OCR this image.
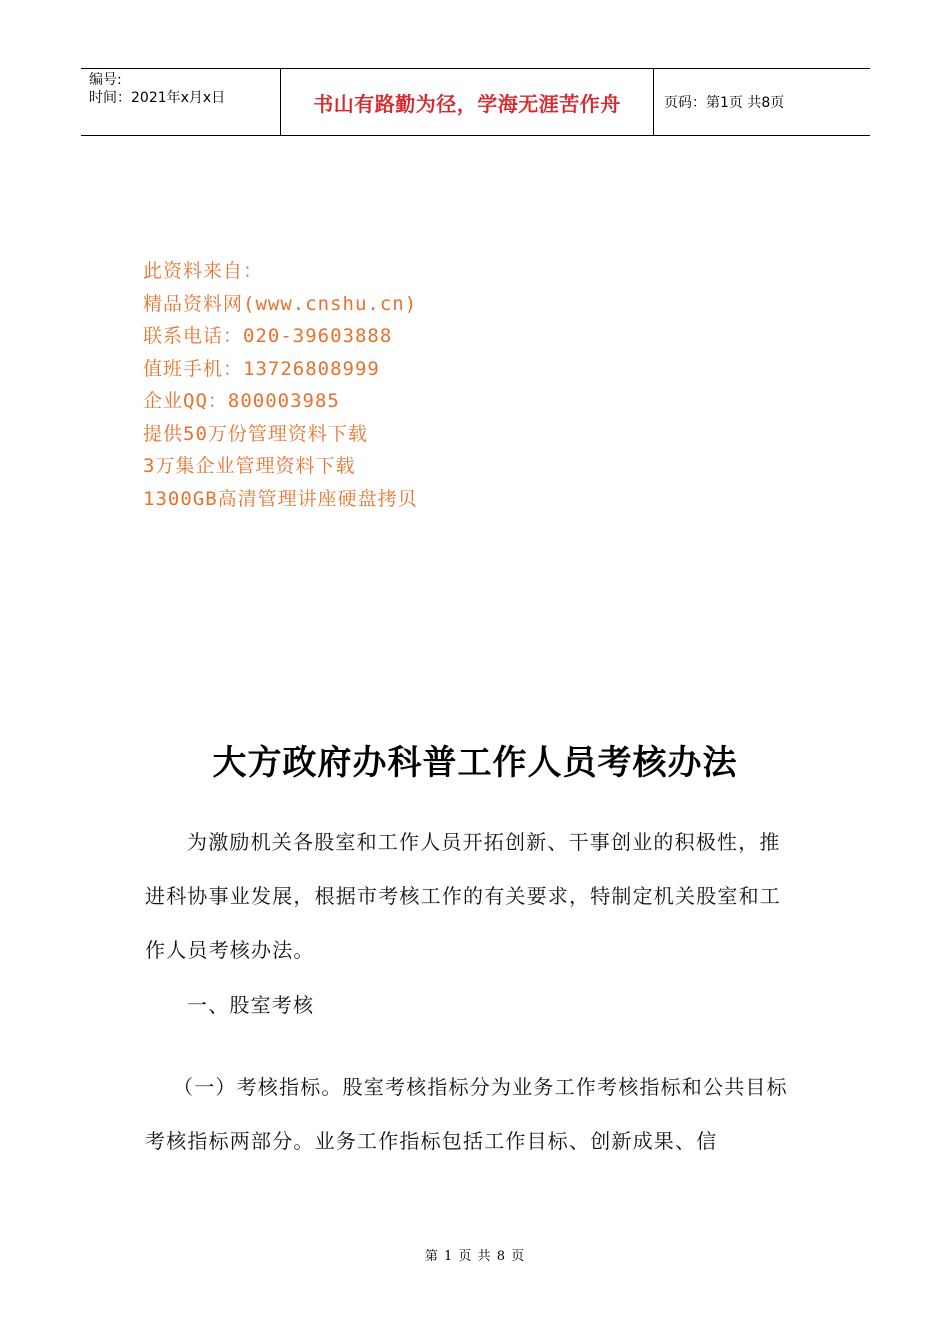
编号:
时间：2021年x月x日	书山有路勤为径，学海无涯苦作舟	页码：第1页 共8页
此资料来自：
精品资料网(www.cnshu.cn)
联系电话：020-39603888
值班手机：13726808999
企业QQ：800003985
提供50万份管理资料下载
3万集企业管理资料下载
1300GB高清管理讲座硬盘拷贝
大方政府办科普工作人员考核办法
为激励机关各股室和工作人员开拓创新、干事创业的积极性，推进科协事业发展，根据市考核工作的有关要求，特制定机关股室和工作人员考核办法。
一、股室考核
（一）考核指标。股室考核指标分为业务工作考核指标和公共目标考核指标两部分。业务工作指标包括工作目标、创新成果、信
第 1 页 共 8 页
